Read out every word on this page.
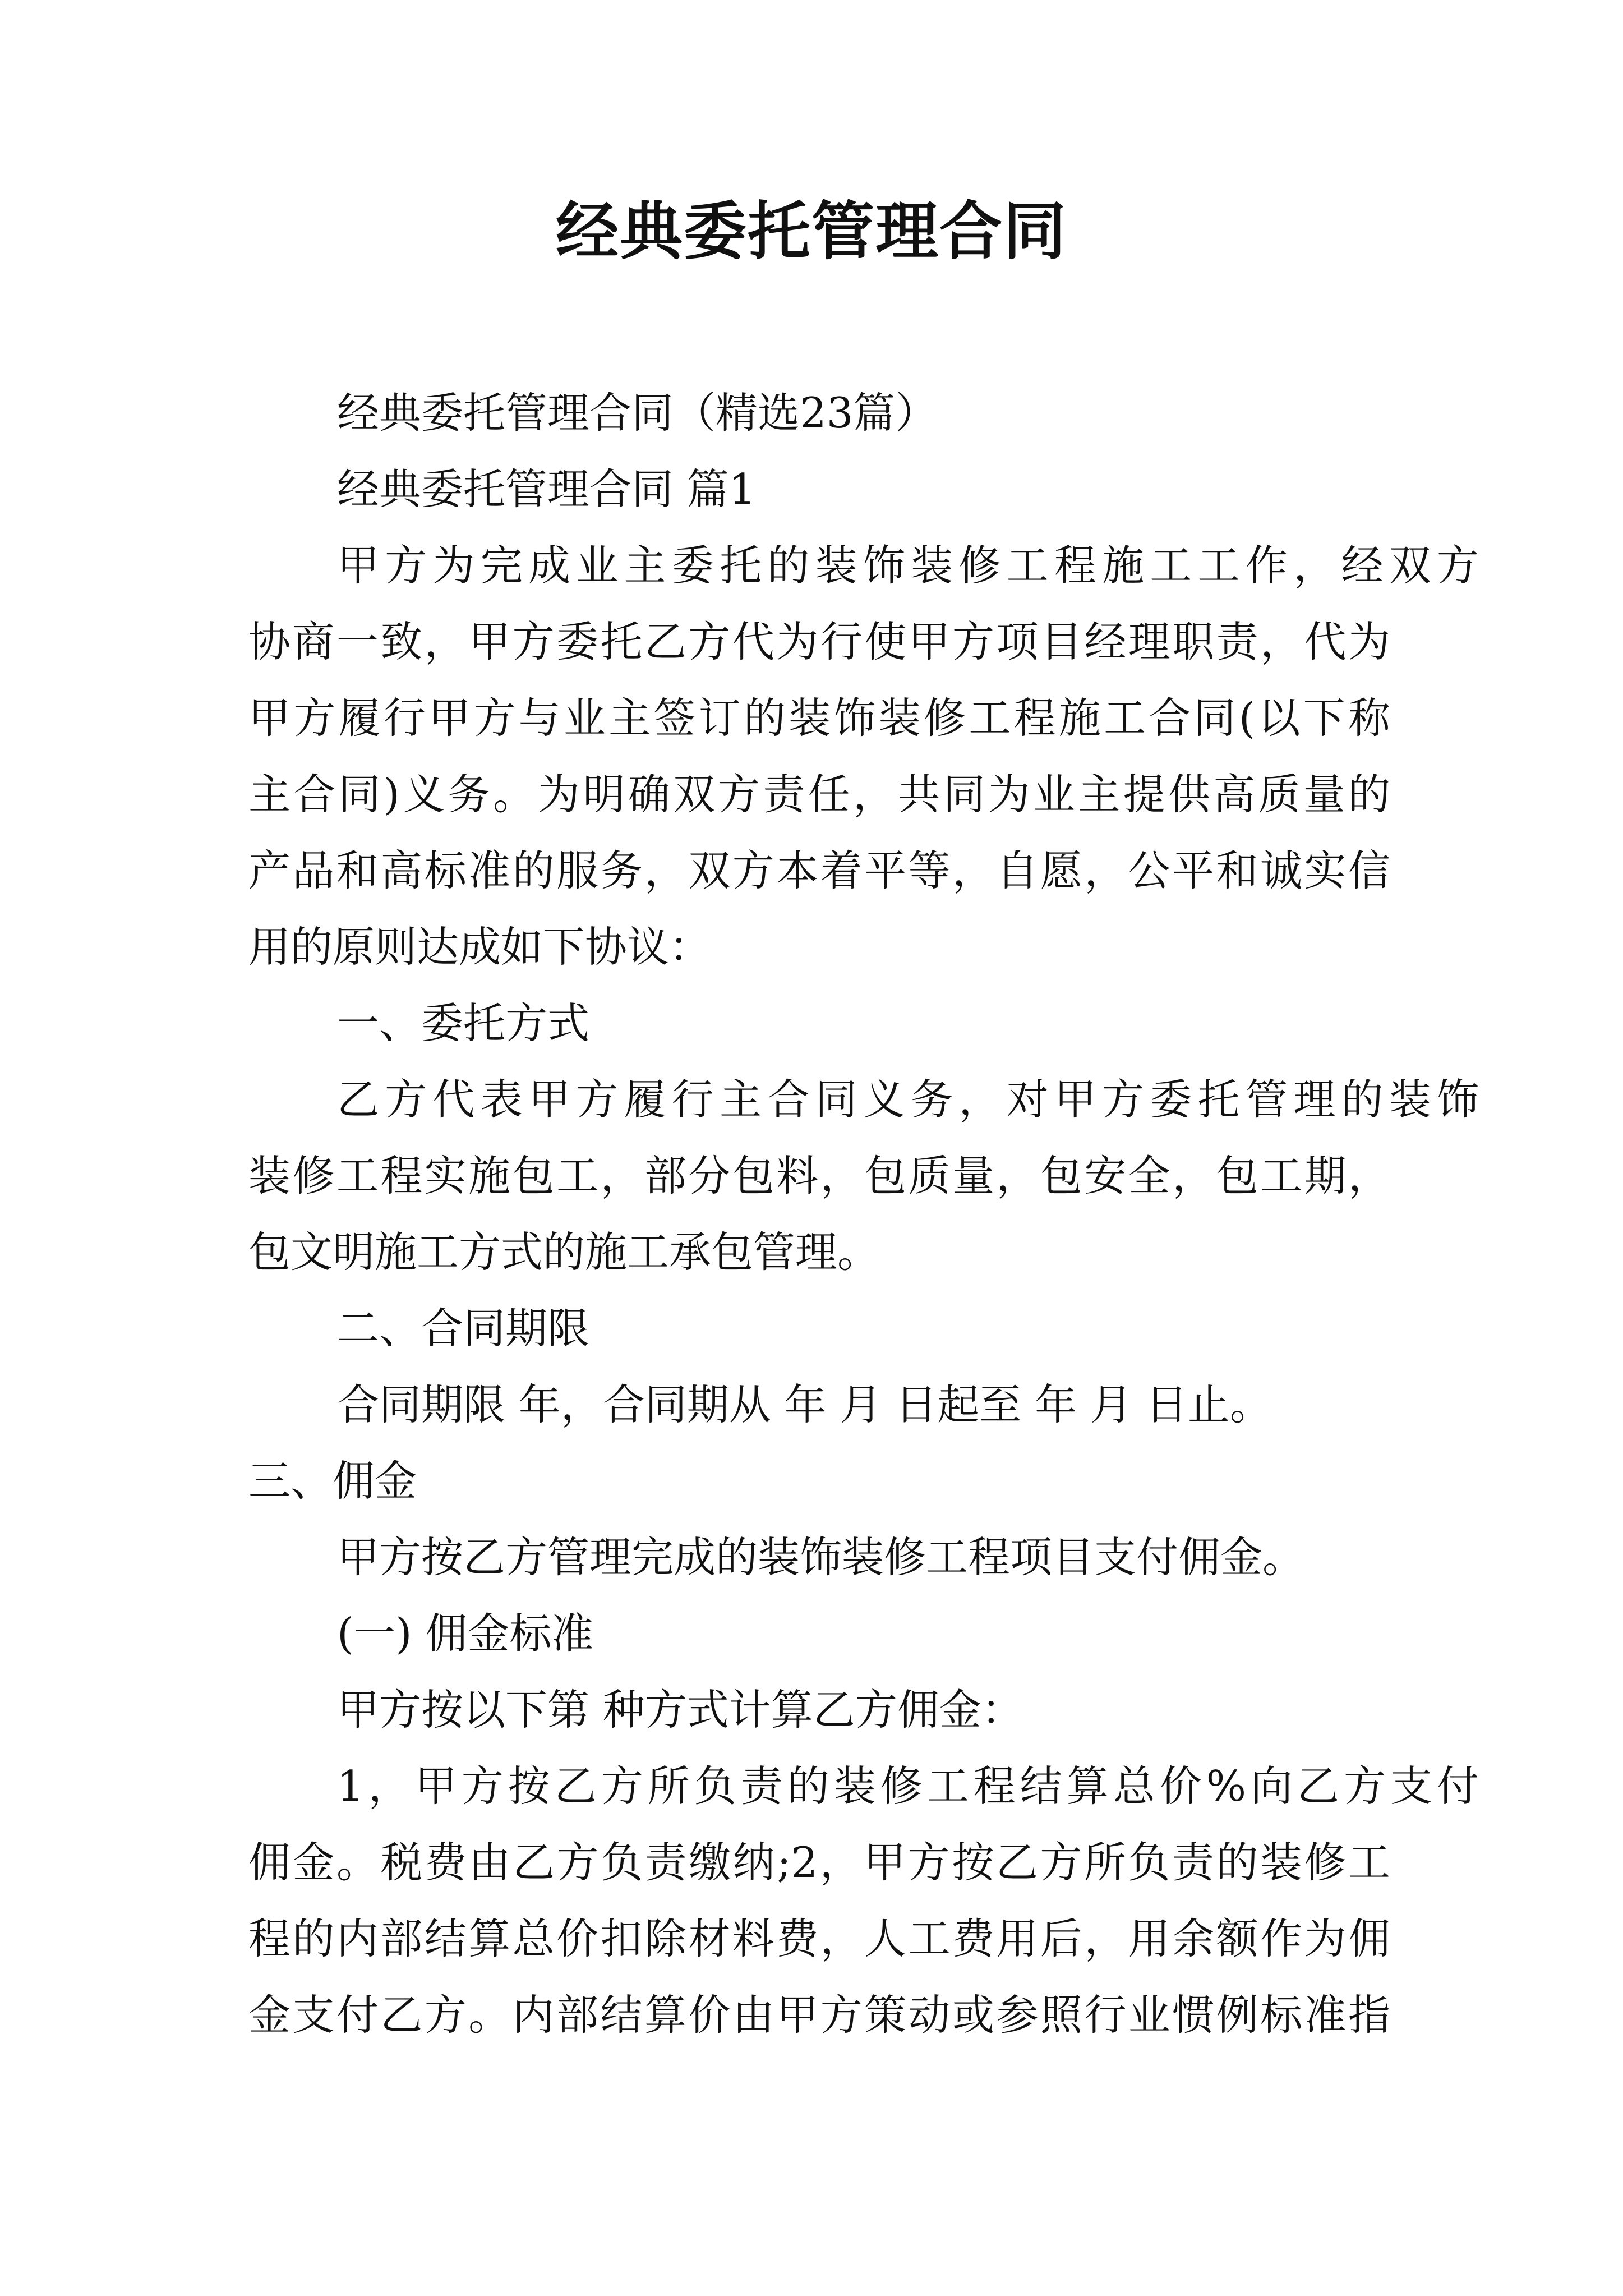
经典委托管理合同
经典委托管理合同（精选23篇）
经典委托管理合同 篇1
甲方为完成业主委托的装饰装修工程施工工作，经双方
协商一致，甲方委托乙方代为行使甲方项目经理职责，代为
甲方履行甲方与业主签订的装饰装修工程施工合同(以下称
主合同)义务。为明确双方责任，共同为业主提供高质量的
产品和高标准的服务，双方本着平等，自愿，公平和诚实信
用的原则达成如下协议：
一、委托方式
乙方代表甲方履行主合同义务，对甲方委托管理的装饰
装修工程实施包工，部分包料，包质量，包安全，包工期，
包文明施工方式的施工承包管理。
二、合同期限
合同期限 年，合同期从 年 月 日起至 年 月 日止。
三、佣金
甲方按乙方管理完成的装饰装修工程项目支付佣金。
(一) 佣金标准
甲方按以下第 种方式计算乙方佣金：
1，甲方按乙方所负责的装修工程结算总价%向乙方支付
佣金。税费由乙方负责缴纳;2，甲方按乙方所负责的装修工
程的内部结算总价扣除材料费，人工费用后，用余额作为佣
金支付乙方。内部结算价由甲方策动或参照行业惯例标准指
